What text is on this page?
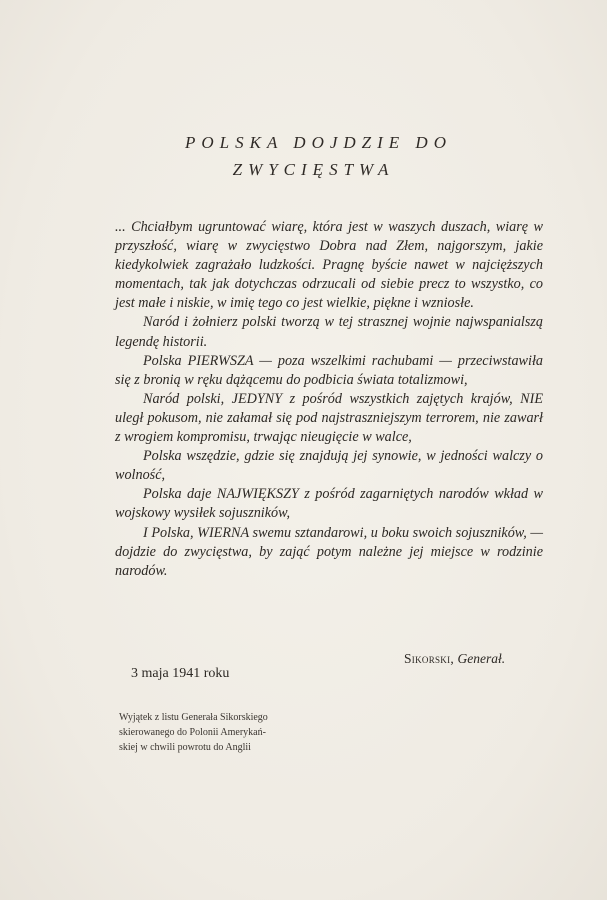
POLSKA DOJDZIE DO
ZWYCIĘSTWA

... Chciałbym ugruntować wiarę, która jest w waszych duszach, wiarę w przyszłość, wiarę w zwycięstwo Dobra nad Złem, najgorszym, jakie kiedykolwiek zagrażało ludzkości. Pragnę byście nawet w najcięższych momentach, tak jak dotychczas odrzucali od siebie precz to wszystko, co jest małe i niskie, w imię tego co jest wielkie, piękne i wzniosłe.

Naród i żołnierz polski tworzą w tej strasznej wojnie najwspanialszą legendę historii.

Polska PIERWSZA — poza wszelkimi rachubami — przeciwstawiła się z bronią w ręku dążącemu do podbicia świata totalizmowi,

Naród polski, JEDYNY z pośród wszystkich zajętych krajów, NIE uległ pokusom, nie załamał się pod najstraszniejszym terrorem, nie zawarł z wrogiem kompromisu, trwając nieugięcie w walce,

Polska wszędzie, gdzie się znajdują jej synowie, w jedności walczy o wolność,

Polska daje NAJWIĘKSZY z pośród zagarniętych narodów wkład w wojskowy wysiłek sojuszników,

I Polska, WIERNA swemu sztandarowi, u boku swoich sojuszników, — dojdzie do zwycięstwa, by zająć potym należne jej miejsce w rodzinie narodów.

Sikorski, Generał.
3 maja 1941 roku

Wyjątek z listu Generała Sikorskiego

skierowanego do Polonii Amerykań-

skiej w chwili powrotu do Anglii
